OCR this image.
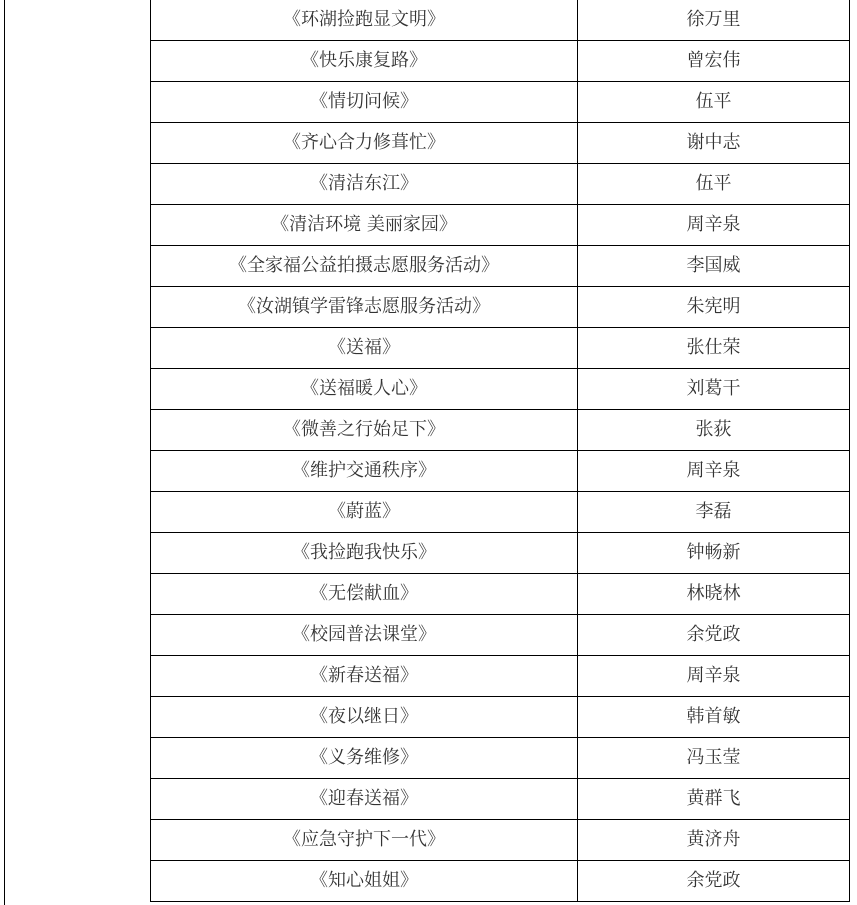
《环湖捡跑显文明》	徐万里
《快乐康复路》	曾宏伟
《情切问候》	伍平
《齐心合力修葺忙》	谢中志
《清洁东江》	伍平
《清洁环境 美丽家园》	周辛泉
《全家福公益拍摄志愿服务活动》	李国威
《汝湖镇学雷锋志愿服务活动》	朱宪明
《送福》	张仕荣
《送福暖人心》	刘葛干
《微善之行始足下》	张荻
《维护交通秩序》	周辛泉
《蔚蓝》	李磊
《我捡跑我快乐》	钟畅新
《无偿献血》	林晓林
《校园普法课堂》	余党政
《新春送福》	周辛泉
《夜以继日》	韩首敏
《义务维修》	冯玉莹
《迎春送福》	黄群飞
《应急守护下一代》	黄济舟
《知心姐姐》	余党政
